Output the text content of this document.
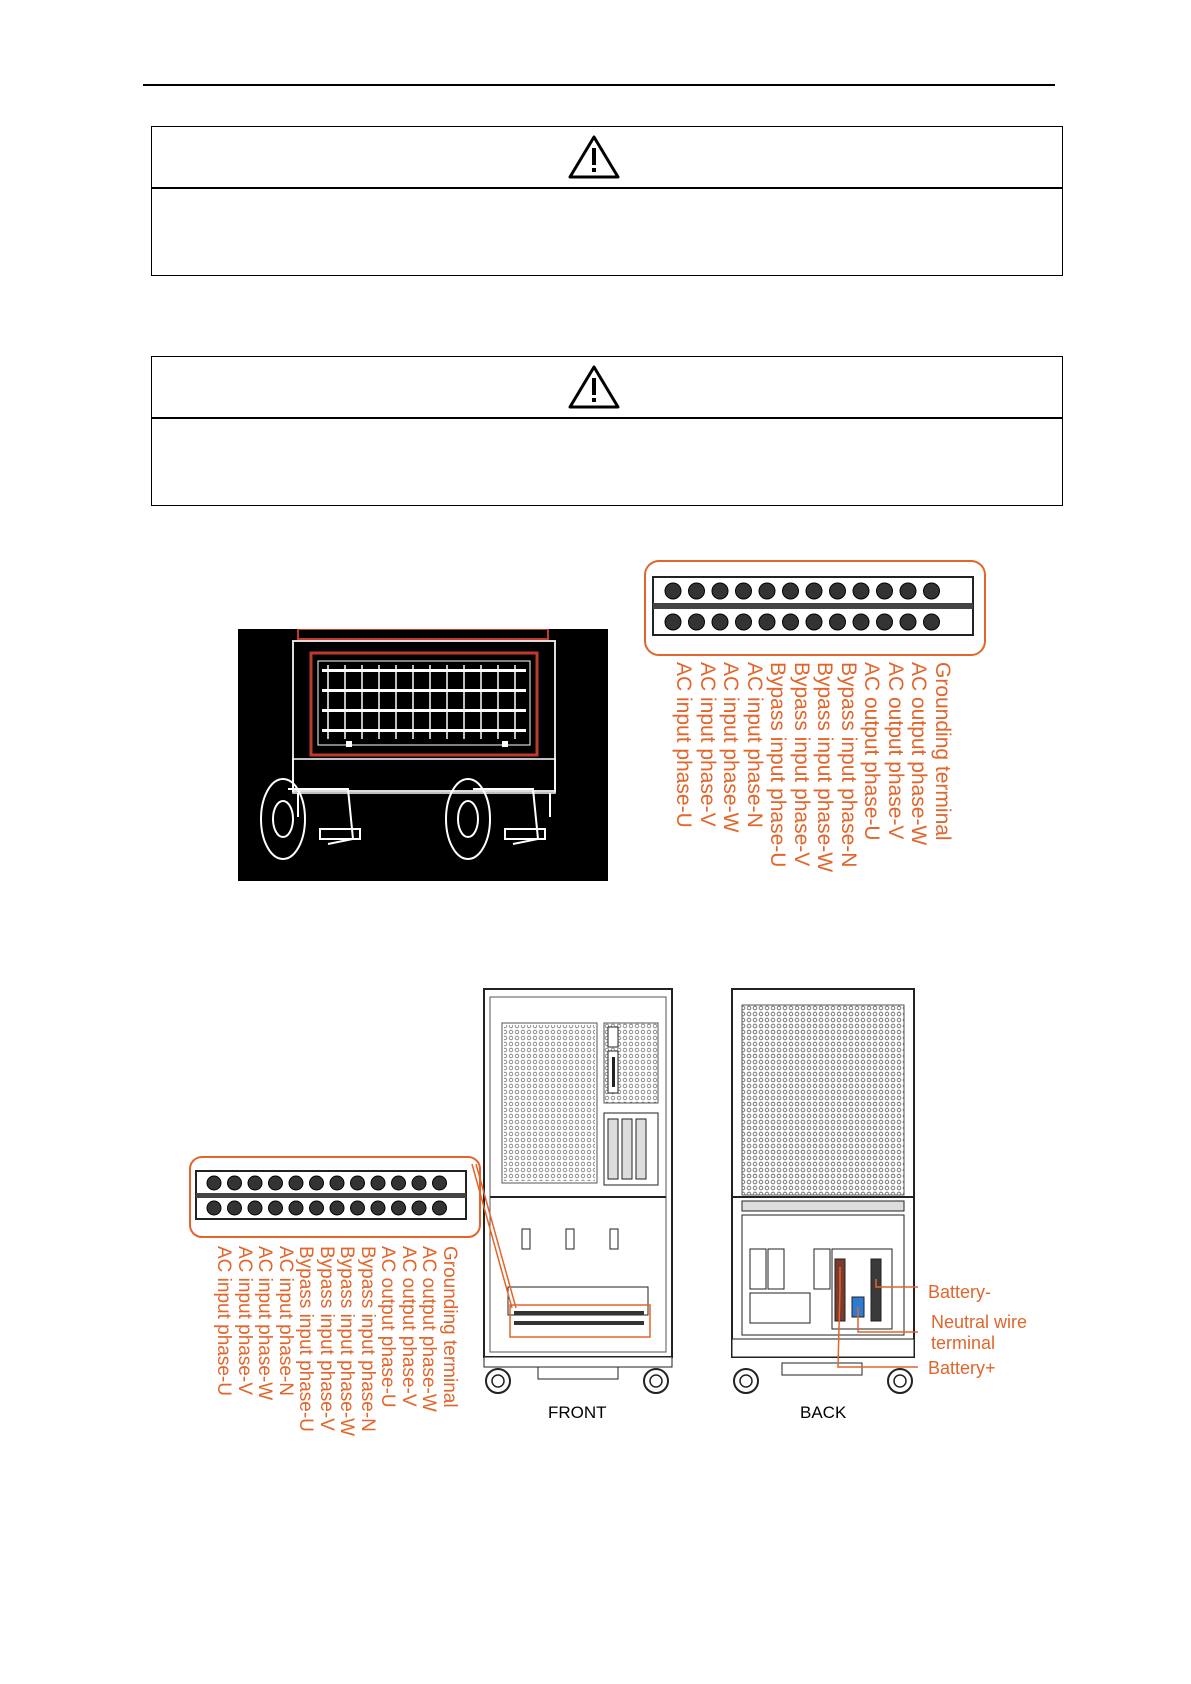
AC input phase-U AC input phase-V AC input phase-W AC input phase-N Bypass input phase-U Bypass input phase-V Bypass input phase-W Bypass input phase-N AC output phase-U AC output phase-V AC output phase-W Grounding terminal
Battery-
Neutral wire
terminal
Battery+
AC input phase-U AC input phase-V AC input phase-W AC input phase-N Bypass input phase-U Bypass input phase-V Bypass input phase-W Bypass input phase-N AC output phase-U AC output phase-V AC output phase-W Grounding terminal
FRONT	BACK
